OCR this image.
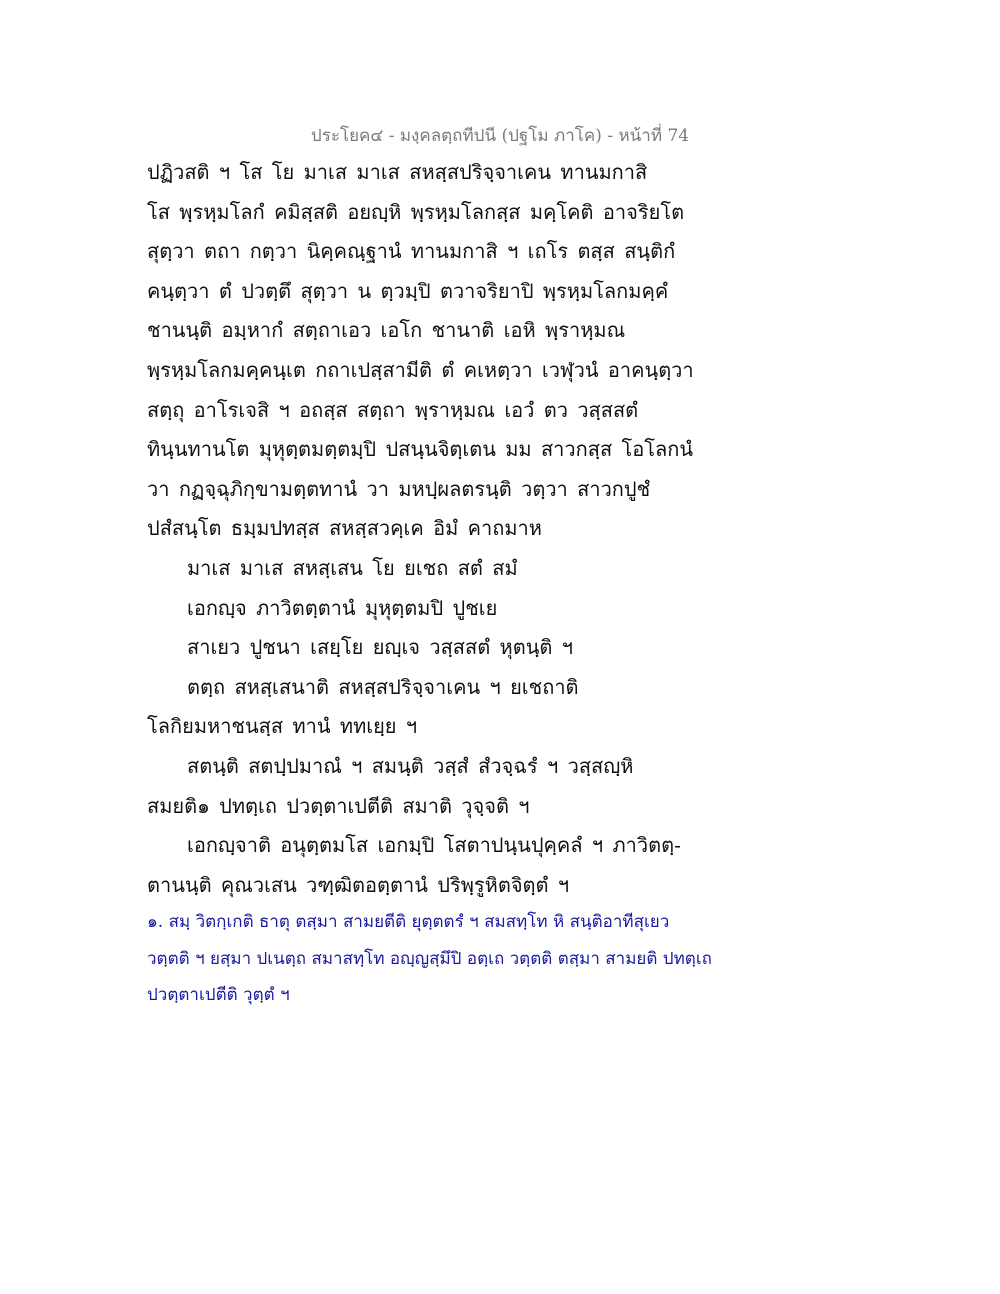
ประโยค๔ - มงฺคลตฺถทีปนี (ปฐโม ภาโค) - หน้าที่ 74
ปฏิวสติ ฯ โส โย มาเส มาเส สหสฺสปริจฺจาเคน ทานมกาสิ
โส พฺรหฺมโลกํ คมิสฺสติ อยญฺหิ พฺรหฺมโลกสฺส มคฺโคติ อาจริยโต
สุตฺวา ตถา กตฺวา นิคฺคณฺฐานํ ทานมกาสิ ฯ เถโร ตสฺส สนฺติกํ
คนฺตฺวา ตํ ปวตฺตึ สุตฺวา น ตฺวมฺปิ ตวาจริยาปิ พฺรหฺมโลกมคฺคํ
ชานนฺติ อมฺหากํ สตฺถาเอว เอโก ชานาติ เอหิ พฺราหฺมณ
พฺรหฺมโลกมคฺคนฺเต กถาเปสฺสามีติ ตํ คเหตฺวา เวฬุวนํ อาคนฺตฺวา
สตฺถุ อาโรเจสิ ฯ อถสฺส สตฺถา พฺราหฺมณ เอวํ ตว วสฺสสตํ
ทินฺนทานโต มุหุตฺตมตฺตมฺปิ ปสนฺนจิตฺเตน มม สาวกสฺส โอโลกนํ
วา กฏจฺฉุภิกฺขามตฺตทานํ วา มหปฺผลตรนฺติ วตฺวา สาวกปูชํ
ปสํสนฺโต ธมฺมปทสฺส สหสฺสวคฺเค อิมํ คาถมาห
มาเส มาเส สหสฺเสน โย ยเชถ สตํ สมํ
เอกญฺจ ภาวิตตฺตานํ มุหุตฺตมปิ ปูชเย
สาเยว ปูชนา เสยฺโย ยญฺเจ วสฺสสตํ หุตนฺติ ฯ
ตตฺถ สหสฺเสนาติ สหสฺสปริจฺจาเคน ฯ ยเชถาติ
โลกิยมหาชนสฺส ทานํ ททเยฺย ฯ
สตนฺติ สตปฺปมาณํ ฯ สมนฺติ วสฺสํ สํวจฺฉรํ ฯ วสฺสญฺหิ
สมยติ๑ ปทตฺเถ ปวตฺตาเปตีติ สมาติ วุจฺจติ ฯ
เอกญฺจาติ อนุตฺตมโส เอกมฺปิ โสตาปนฺนปุคฺคลํ ฯ ภาวิตตฺ-
ตานนฺติ คุณวเสน วฑฺฒิตอตฺตานํ ปริพฺรูหิตจิตฺตํ ฯ
๑. สมฺ วิตกฺเกติ ธาตุ ตสฺมา สามยตีติ ยุตฺตตรํ ฯ สมสทฺโท หิ สนฺติอาทีสุเยว
วตฺตติ ฯ ยสฺมา ปเนตฺถ สมาสทฺโท อญฺญสฺมึปิ อตฺเถ วตฺตติ ตสฺมา สามยติ ปทตฺเถ
ปวตฺตาเปตีติ วุตฺตํ ฯ
